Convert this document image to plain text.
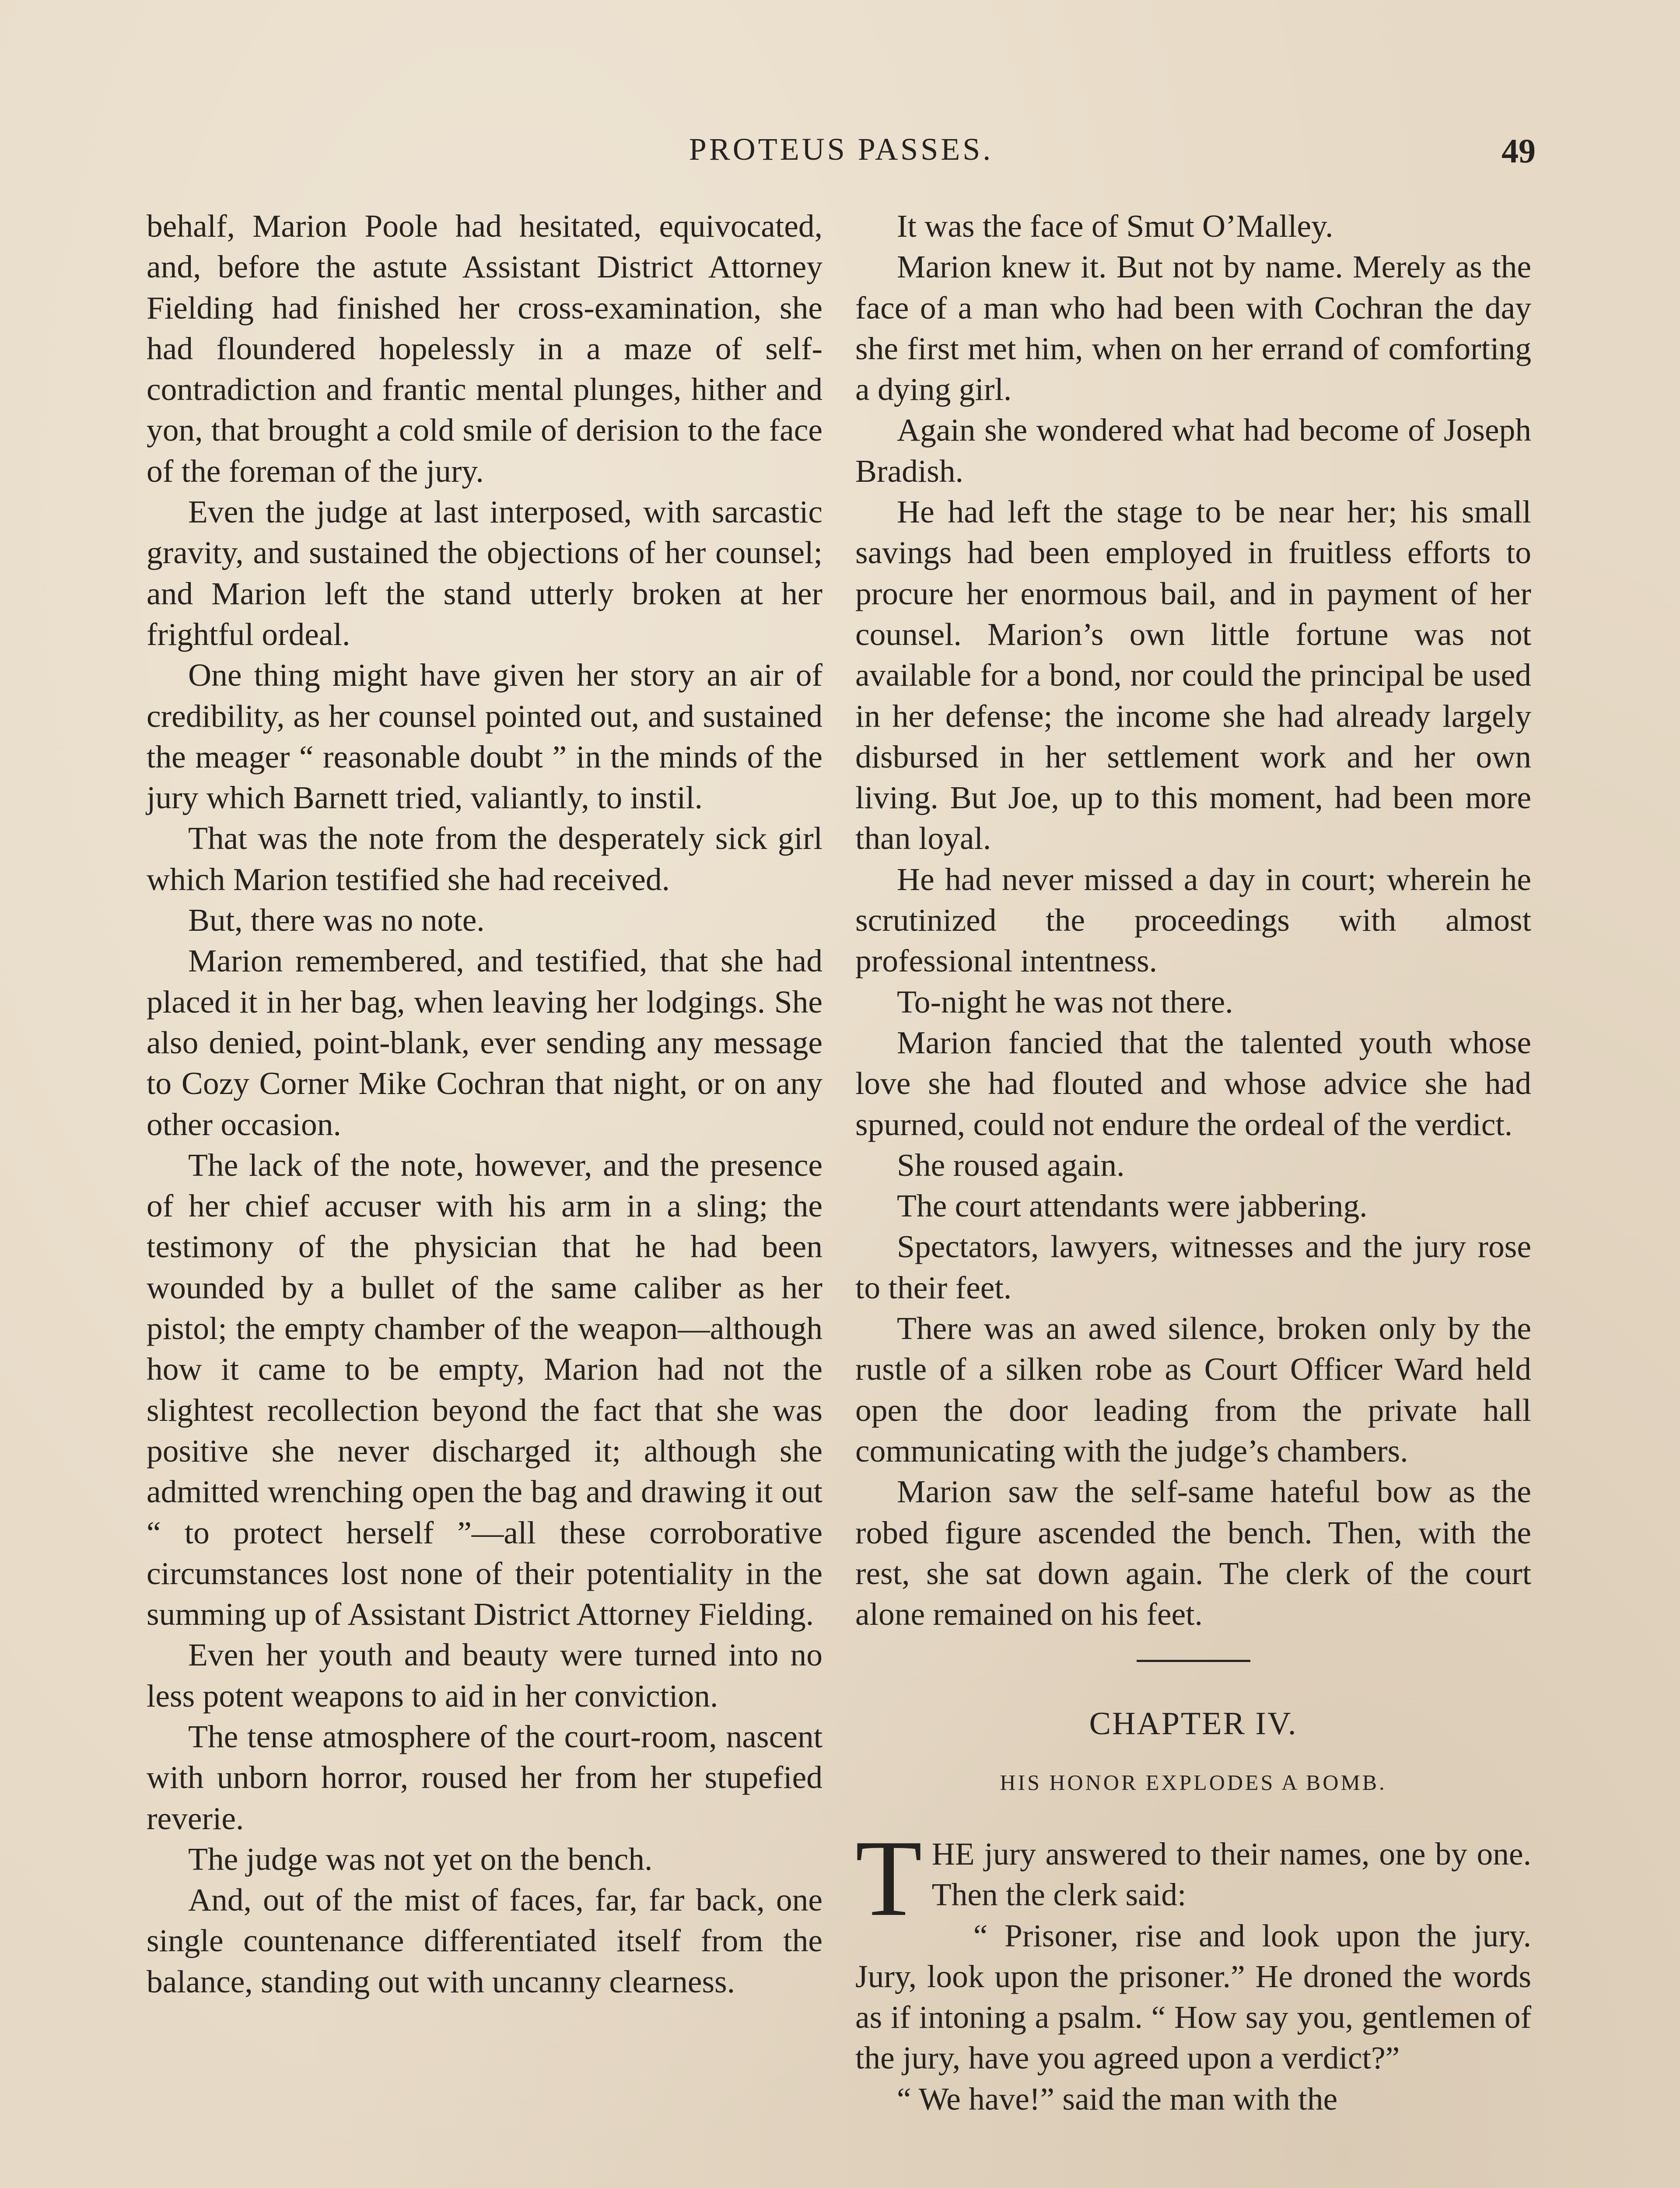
PROTEUS PASSES.	49

behalf, Marion Poole had hesitated, equivocated, and, before the astute Assistant District Attorney Fielding had finished her cross-examination, she had floundered hopelessly in a maze of self-contradiction and frantic mental plunges, hither and yon, that brought a cold smile of derision to the face of the foreman of the jury.

Even the judge at last interposed, with sarcastic gravity, and sustained the objections of her counsel; and Marion left the stand utterly broken at her frightful ordeal.

One thing might have given her story an air of credibility, as her counsel pointed out, and sustained the meager “ reasonable doubt ” in the minds of the jury which Barnett tried, valiantly, to instil.

That was the note from the desperately sick girl which Marion testified she had received.

But, there was no note.

Marion remembered, and testified, that she had placed it in her bag, when leaving her lodgings. She also denied, point-blank, ever sending any message to Cozy Corner Mike Cochran that night, or on any other occasion.

The lack of the note, however, and the presence of her chief accuser with his arm in a sling; the testimony of the physician that he had been wounded by a bullet of the same caliber as her pistol; the empty chamber of the weapon—although how it came to be empty, Marion had not the slightest recollection beyond the fact that she was positive she never discharged it; although she admitted wrenching open the bag and drawing it out “ to protect herself ”—all these corroborative circumstances lost none of their potentiality in the summing up of Assistant District Attorney Fielding.

Even her youth and beauty were turned into no less potent weapons to aid in her conviction.

The tense atmosphere of the court-room, nascent with unborn horror, roused her from her stupefied reverie.

The judge was not yet on the bench.

And, out of the mist of faces, far, far back, one single countenance differentiated itself from the balance, standing out with uncanny clearness.

It was the face of Smut O’Malley.

Marion knew it. But not by name. Merely as the face of a man who had been with Cochran the day she first met him, when on her errand of comforting a dying girl.

Again she wondered what had become of Joseph Bradish.

He had left the stage to be near her; his small savings had been employed in fruitless efforts to procure her enormous bail, and in payment of her counsel. Marion’s own little fortune was not available for a bond, nor could the principal be used in her defense; the income she had already largely disbursed in her settlement work and her own living. But Joe, up to this moment, had been more than loyal.

He had never missed a day in court; wherein he scrutinized the proceedings with almost professional intentness.

To-night he was not there.

Marion fancied that the talented youth whose love she had flouted and whose advice she had spurned, could not endure the ordeal of the verdict.

She roused again.

The court attendants were jabbering.

Spectators, lawyers, witnesses and the jury rose to their feet.

There was an awed silence, broken only by the rustle of a silken robe as Court Officer Ward held open the door leading from the private hall communicating with the judge’s chambers.

Marion saw the self-same hateful bow as the robed figure ascended the bench. Then, with the rest, she sat down again. The clerk of the court alone remained on his feet.

CHAPTER IV.
HIS HONOR EXPLODES A BOMB.

THE jury answered to their names, one by one. Then the clerk said:

“ Prisoner, rise and look upon the jury. Jury, look upon the prisoner.” He droned the words as if intoning a psalm. “ How say you, gentlemen of the jury, have you agreed upon a verdict?”

“ We have!” said the man with the
